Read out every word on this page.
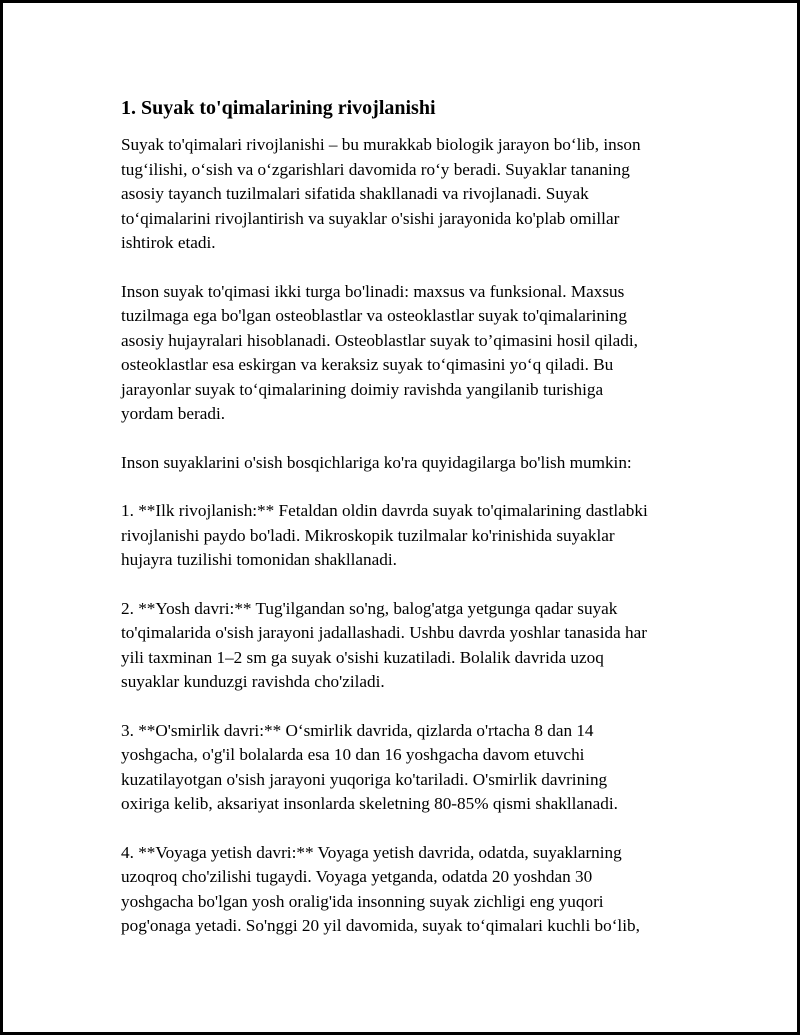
1. Suyak to'qimalarining rivojlanishi

Suyak to'qimalari rivojlanishi – bu murakkab biologik jarayon bo‘lib, inson
tug‘ilishi, o‘sish va o‘zgarishlari davomida ro‘y beradi. Suyaklar tananing
asosiy tayanch tuzilmalari sifatida shakllanadi va rivojlanadi. Suyak
to‘qimalarini rivojlantirish va suyaklar o'sishi jarayonida ko'plab omillar
ishtirok etadi.

Inson suyak to'qimasi ikki turga bo'linadi: maxsus va funksional. Maxsus
tuzilmaga ega bo'lgan osteoblastlar va osteoklastlar suyak to'qimalarining
asosiy hujayralari hisoblanadi. Osteoblastlar suyak to’qimasini hosil qiladi,
osteoklastlar esa eskirgan va keraksiz suyak to‘qimasini yo‘q qiladi. Bu
jarayonlar suyak to‘qimalarining doimiy ravishda yangilanib turishiga
yordam beradi.

Inson suyaklarini o'sish bosqichlariga ko'ra quyidagilarga bo'lish mumkin:

1. **Ilk rivojlanish:** Fetaldan oldin davrda suyak to'qimalarining dastlabki
rivojlanishi paydo bo'ladi. Mikroskopik tuzilmalar ko'rinishida suyaklar
hujayra tuzilishi tomonidan shakllanadi.

2. **Yosh davri:** Tug'ilgandan so'ng, balog'atga yetgunga qadar suyak
to'qimalarida o'sish jarayoni jadallashadi. Ushbu davrda yoshlar tanasida har
yili taxminan 1–2 sm ga suyak o'sishi kuzatiladi. Bolalik davrida uzoq
suyaklar kunduzgi ravishda cho'ziladi.

3. **O'smirlik davri:** O‘smirlik davrida, qizlarda o'rtacha 8 dan 14
yoshgacha, o'g'il bolalarda esa 10 dan 16 yoshgacha davom etuvchi
kuzatilayotgan o'sish jarayoni yuqoriga ko'tariladi. O'smirlik davrining
oxiriga kelib, aksariyat insonlarda skeletning 80-85% qismi shakllanadi.

4. **Voyaga yetish davri:** Voyaga yetish davrida, odatda, suyaklarning
uzoqroq cho'zilishi tugaydi. Voyaga yetganda, odatda 20 yoshdan 30
yoshgacha bo'lgan yosh oralig'ida insonning suyak zichligi eng yuqori
pog'onaga yetadi. So'nggi 20 yil davomida, suyak to‘qimalari kuchli bo‘lib,
